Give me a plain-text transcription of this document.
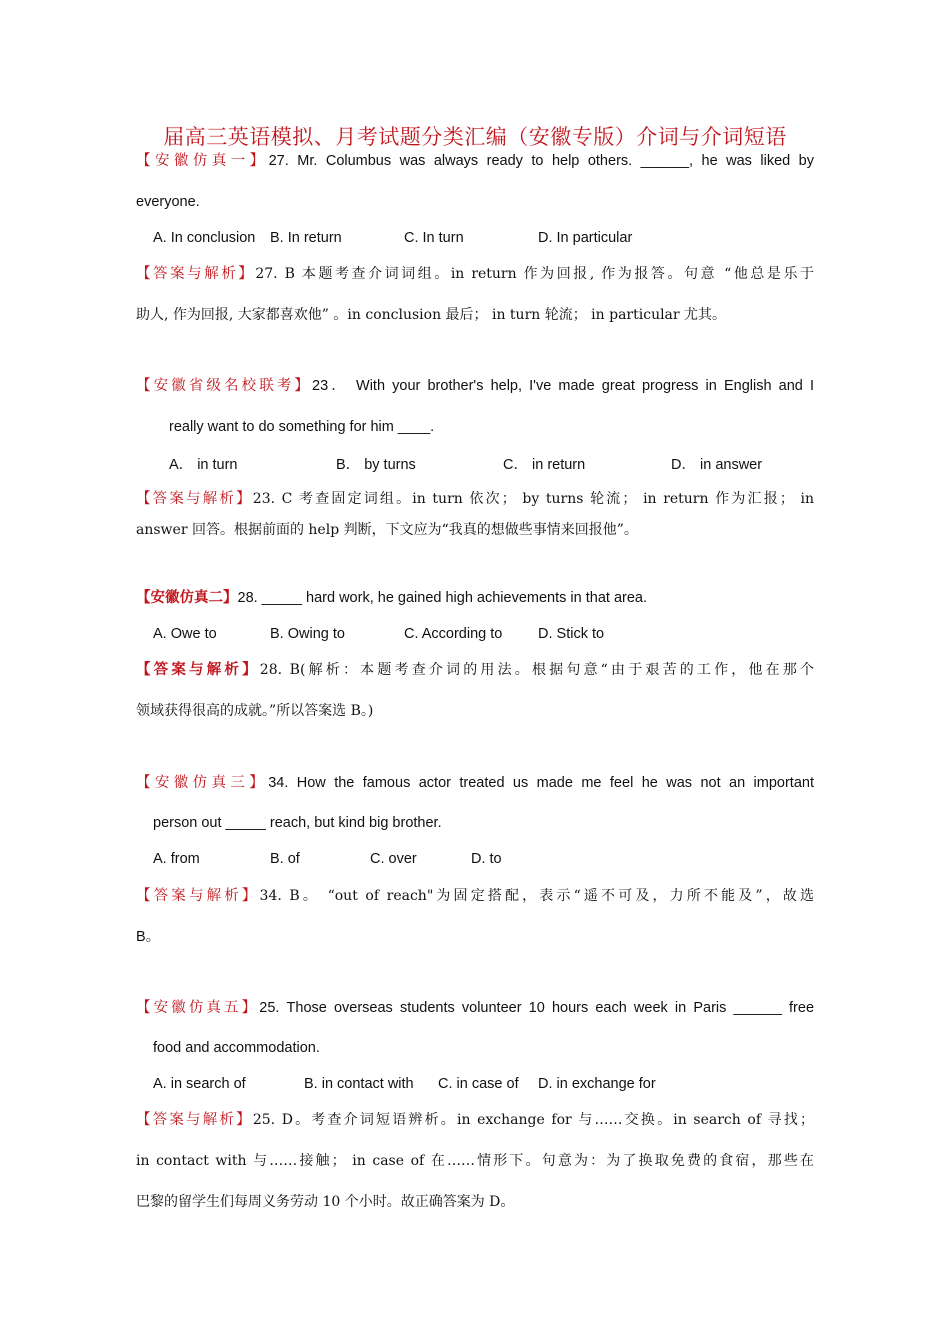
届高三英语模拟、月考试题分类汇编（安徽专版）介词与介词短语
【安徽仿真一】27. Mr. Columbus was always ready to help others. ______, he was liked by
everyone.
A. In conclusion B. In return	C. In turn	D. In particular
【答案与解析】27. B 本题考查介词词组。in return 作为回报, 作为报答。句意 “他总是乐于
助人, 作为回报, 大家都喜欢他” 。in conclusion 最后； in turn 轮流； in particular 尤其。
【安徽省级名校联考】23． With your brother's help, I've made great progress in English and I
really want to do something for him ____.
A． in turn	B． by turns	C． in return	D． in answer
【答案与解析】23. C 考查固定词组。in turn 依次； by turns 轮流； in return 作为汇报； in
answer 回答。根据前面的 help 判断，下文应为“我真的想做些事情来回报他”。
【安徽仿真二】28. _____ hard work, he gained high achievements in that area.
A. Owe to	B. Owing to	C. According to D. Stick to
【答案与解析】28. B(解析：本题考查介词的用法。根据句意“由于艰苦的工作，他在那个
领域获得很高的成就。”所以答案选 B。)
【安徽仿真三】34. How the famous actor treated us made me feel he was not an important
person out _____ reach, but kind big brother.
A. from	B. of	C. over	D. to
【答案与解析】34. B。 “out of reach"为固定搭配，表示“遥不可及，力所不能及”，故选
B。
【安徽仿真五】25. Those overseas students volunteer 10 hours each week in Paris ______ free
food and accommodation.
A. in search of	B. in contact with C. in case of D. in exchange for
【答案与解析】25. D。考查介词短语辨析。in exchange for 与……交换。in search of 寻找；
in contact with 与……接触； in case of 在……情形下。句意为：为了换取免费的食宿，那些在
巴黎的留学生们每周义务劳动 10 个小时。故正确答案为 D。
